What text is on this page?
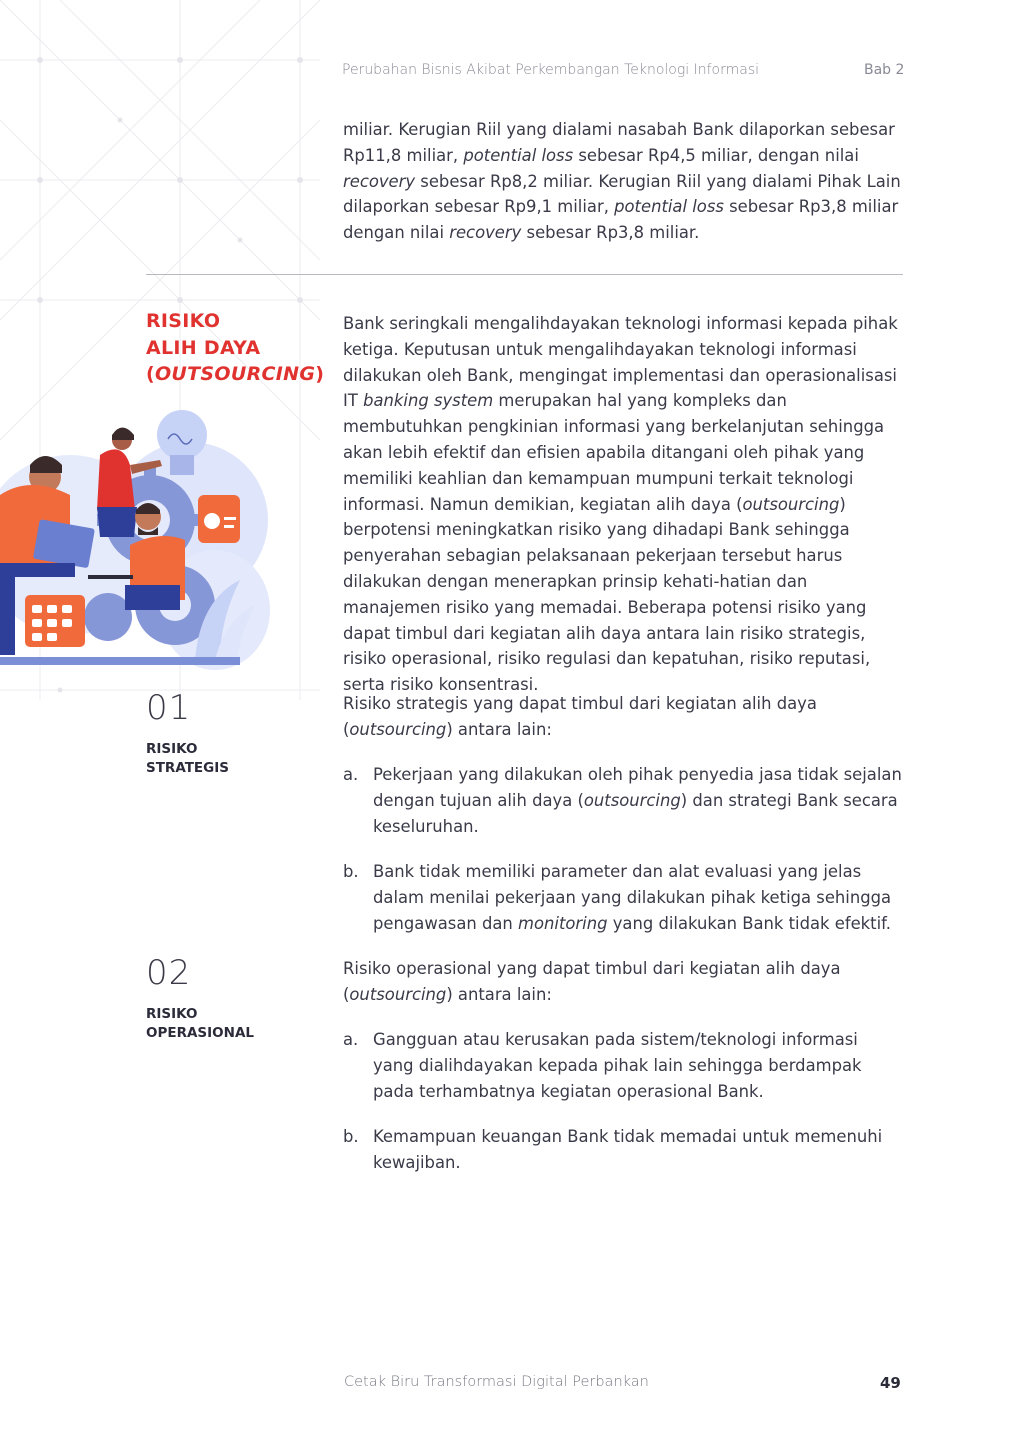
Perubahan Bisnis Akibat Perkembangan Teknologi Informasi	Bab 2

miliar. Kerugian Riil yang dialami nasabah Bank dilaporkan sebesar

Rp11,8 miliar, potential loss sebesar Rp4,5 miliar, dengan nilai

recovery sebesar Rp8,2 miliar. Kerugian Riil yang dialami Pihak Lain

dilaporkan sebesar Rp9,1 miliar, potential loss sebesar Rp3,8 miliar

dengan nilai recovery sebesar Rp3,8 miliar.

RISIKO
ALIH DAYA
(OUTSOURCING)

Bank seringkali mengalihdayakan teknologi informasi kepada pihak ketiga. Keputusan untuk mengalihdayakan teknologi informasi dilakukan oleh Bank, mengingat implementasi dan operasionalisasi IT banking system merupakan hal yang kompleks dan membutuhkan pengkinian informasi yang berkelanjutan sehingga akan lebih efektif dan efisien apabila ditangani oleh pihak yang memiliki keahlian dan kemampuan mumpuni terkait teknologi informasi. Namun demikian, kegiatan alih daya (outsourcing) berpotensi meningkatkan risiko yang dihadapi Bank sehingga penyerahan sebagian pelaksanaan pekerjaan tersebut harus dilakukan dengan menerapkan prinsip kehati-hatian dan manajemen risiko yang memadai. Beberapa potensi risiko yang dapat timbul dari kegiatan alih daya antara lain risiko strategis, risiko operasional, risiko regulasi dan kepatuhan, risiko reputasi, serta risiko konsentrasi.

01
RISIKO
STRATEGIS

Risiko strategis yang dapat timbul dari kegiatan alih daya (outsourcing) antara lain:

a. Pekerjaan yang dilakukan oleh pihak penyedia jasa tidak sejalan dengan tujuan alih daya (outsourcing) dan strategi Bank secara keseluruhan.
b. Bank tidak memiliki parameter dan alat evaluasi yang jelas dalam menilai pekerjaan yang dilakukan pihak ketiga sehingga pengawasan dan monitoring yang dilakukan Bank tidak efektif.
02
RISIKO
OPERASIONAL

Risiko operasional yang dapat timbul dari kegiatan alih daya (outsourcing) antara lain:

a. Gangguan atau kerusakan pada sistem/teknologi informasi yang dialihdayakan kepada pihak lain sehingga berdampak pada terhambatnya kegiatan operasional Bank.
b. Kemampuan keuangan Bank tidak memadai untuk memenuhi kewajiban.
Cetak Biru Transformasi Digital Perbankan	49
